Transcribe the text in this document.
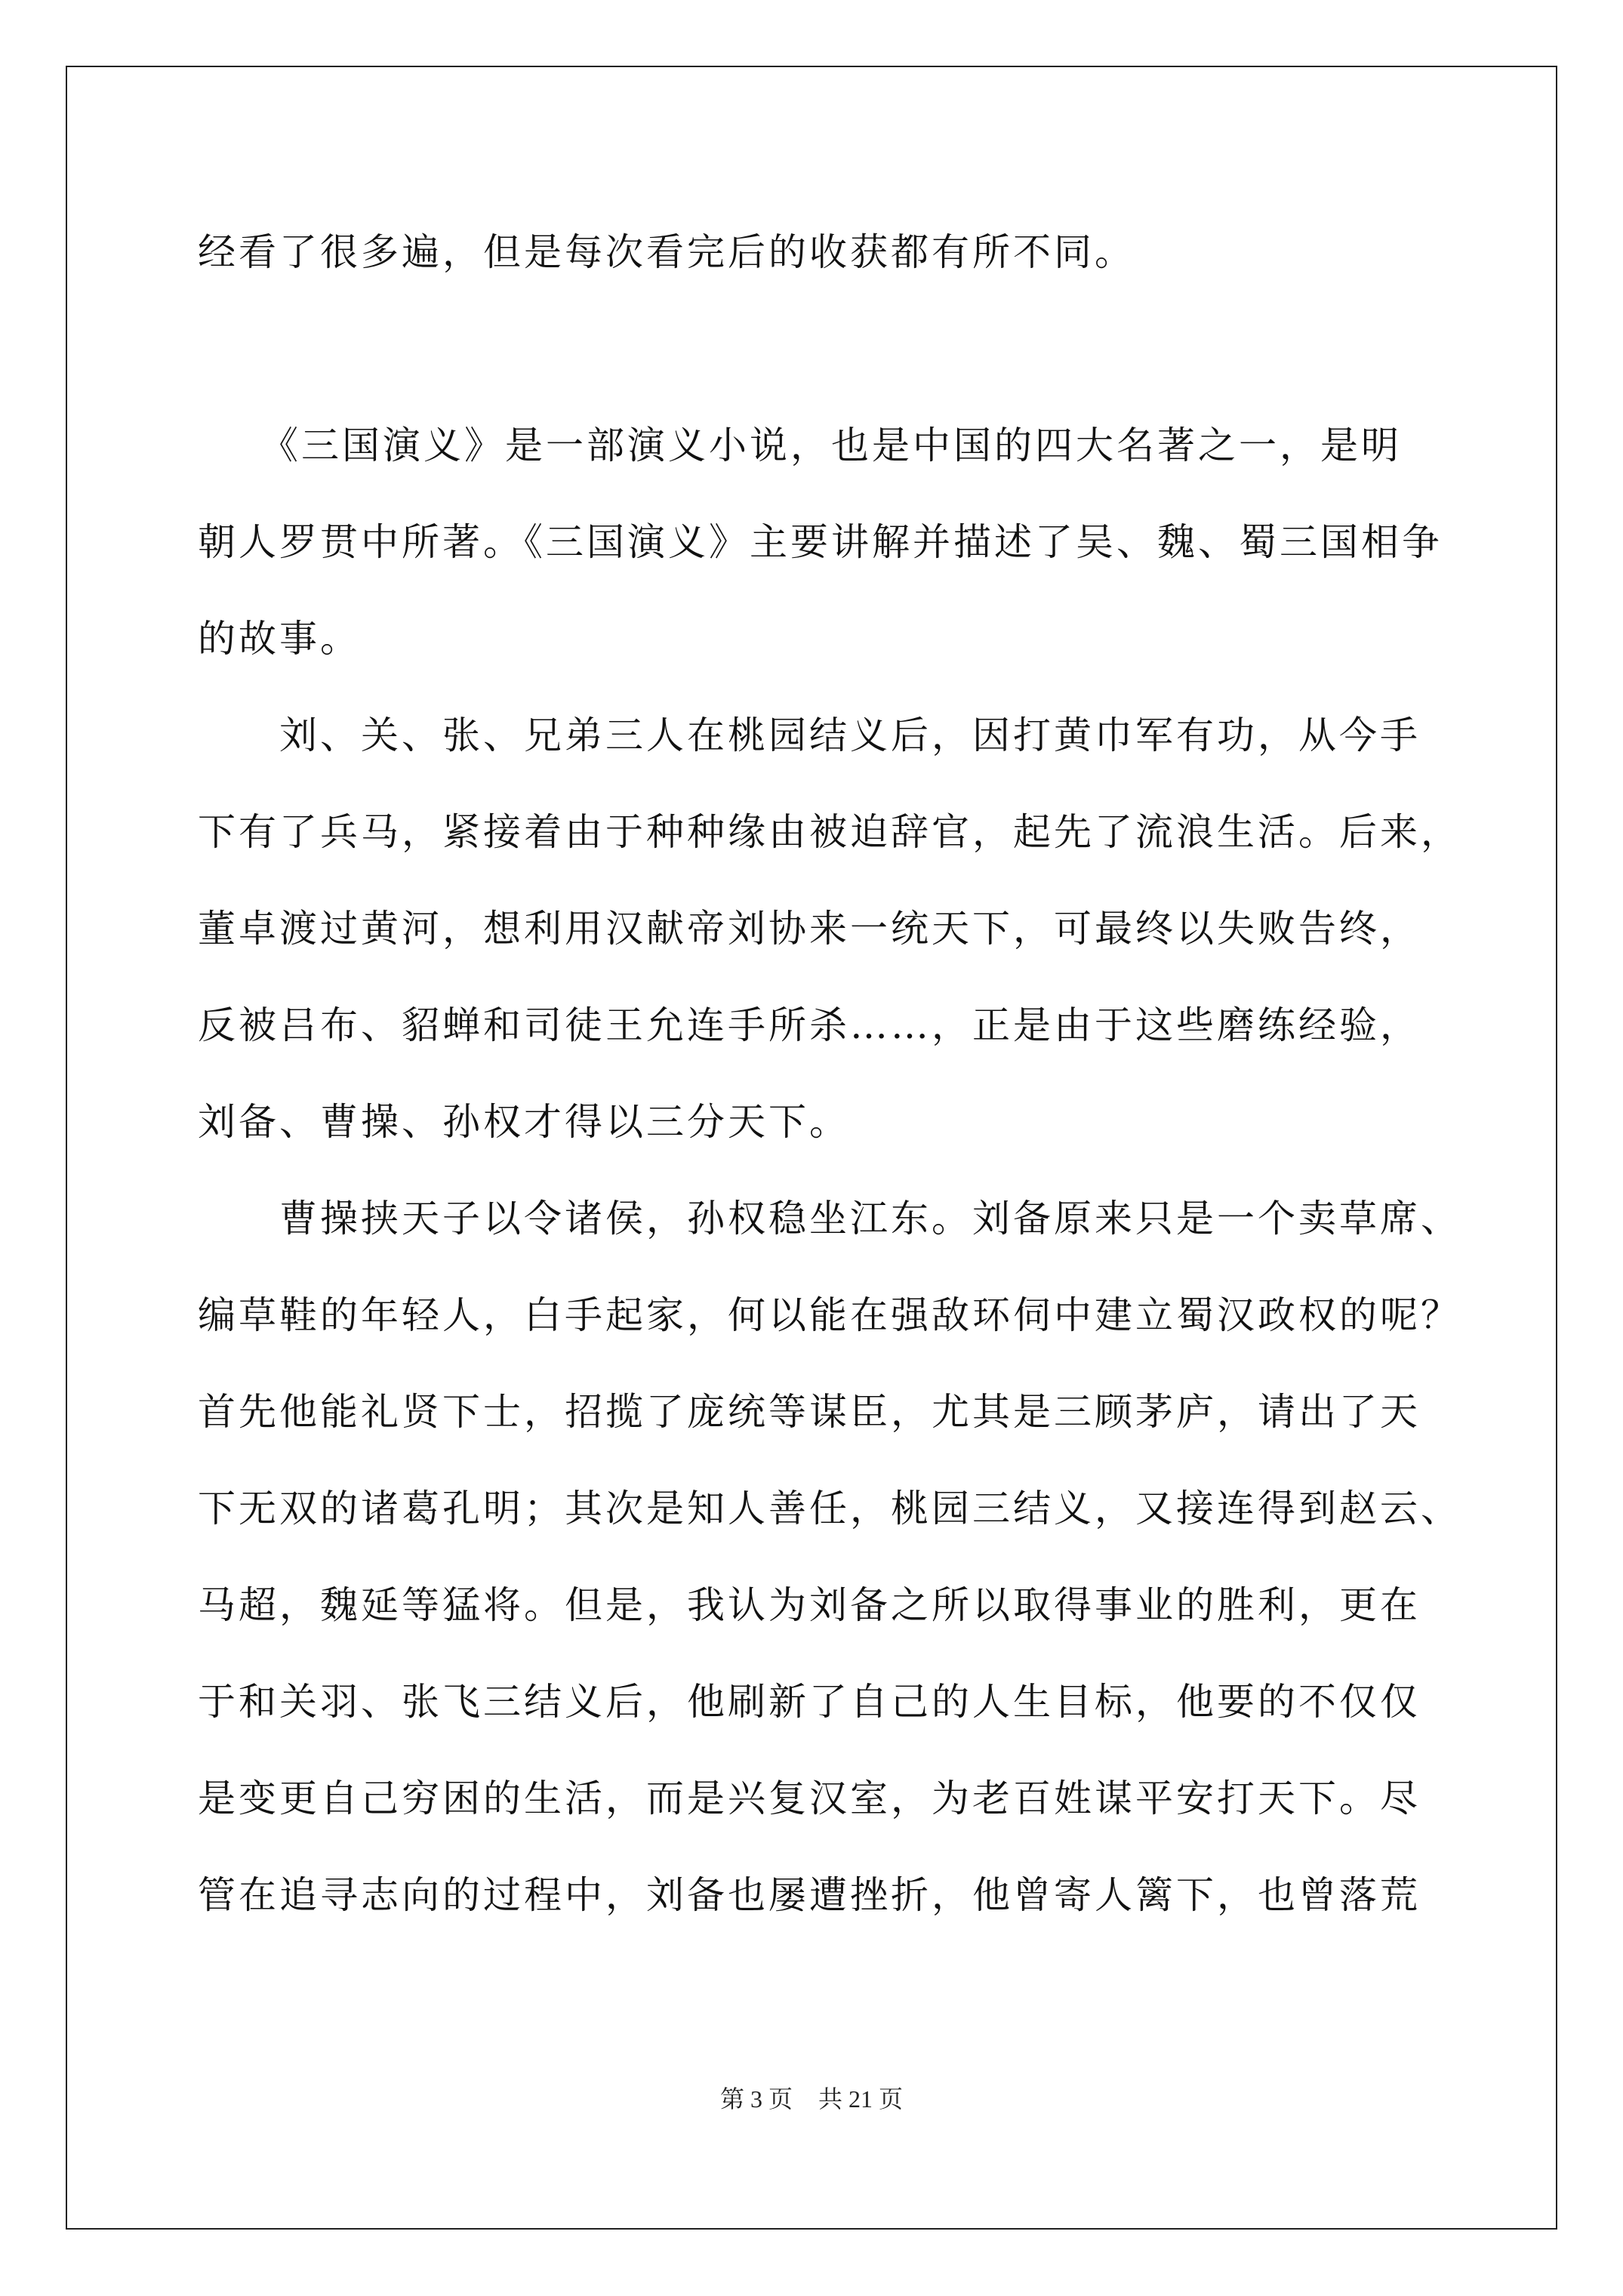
经看了很多遍，但是每次看完后的收获都有所不同。
　　《三国演义》是一部演义小说，也是中国的四大名著之一，是明
朝人罗贯中所著。《三国演义》主要讲解并描述了吴、魏、蜀三国相争
的故事。
　　刘、关、张、兄弟三人在桃园结义后，因打黄巾军有功，从今手
下有了兵马，紧接着由于种种缘由被迫辞官，起先了流浪生活。后来，
董卓渡过黄河，想利用汉献帝刘协来一统天下，可最终以失败告终，
反被吕布、貂蝉和司徒王允连手所杀……，正是由于这些磨练经验，
刘备、曹操、孙权才得以三分天下。
　　曹操挟天子以令诸侯，孙权稳坐江东。刘备原来只是一个卖草席、
编草鞋的年轻人，白手起家，何以能在强敌环伺中建立蜀汉政权的呢？
首先他能礼贤下士，招揽了庞统等谋臣，尤其是三顾茅庐，请出了天
下无双的诸葛孔明；其次是知人善任，桃园三结义，又接连得到赵云、
马超，魏延等猛将。但是，我认为刘备之所以取得事业的胜利，更在
于和关羽、张飞三结义后，他刷新了自己的人生目标，他要的不仅仅
是变更自己穷困的生活，而是兴复汉室，为老百姓谋平安打天下。尽
管在追寻志向的过程中，刘备也屡遭挫折，他曾寄人篱下，也曾落荒
第 3 页 共 21 页
